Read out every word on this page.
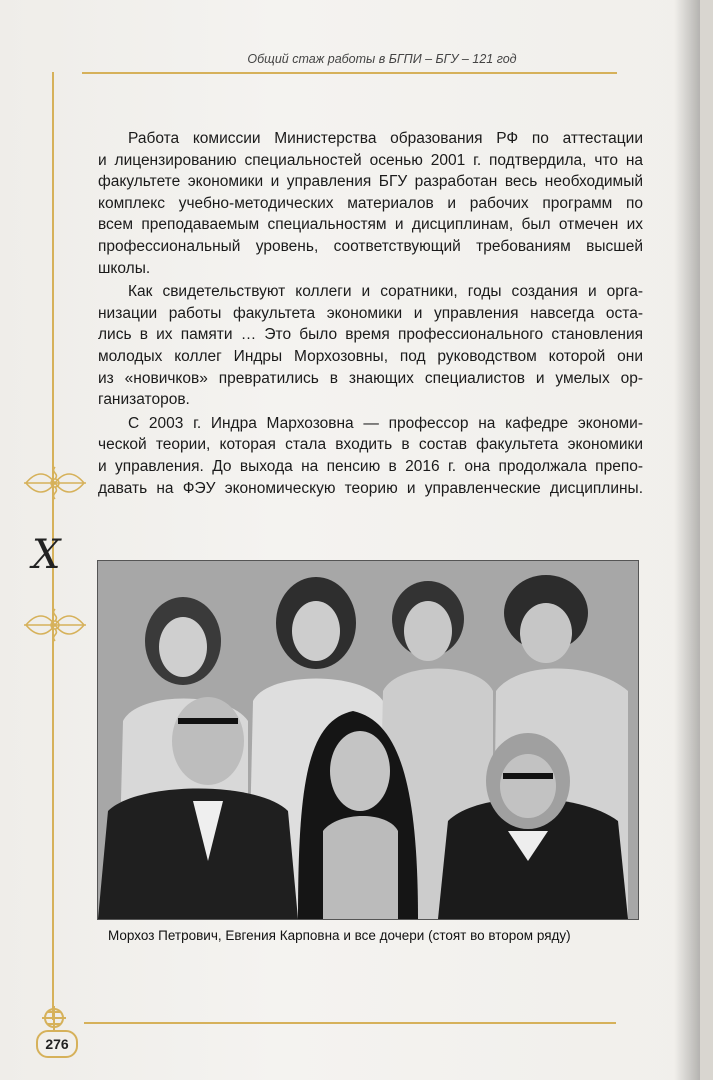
Общий стаж работы в БГПИ – БГУ – 121 год
Работа комиссии Министерства образования РФ по аттестации
и лицензированию специальностей осенью 2001 г. подтвердила, что на
факультете экономики и управления БГУ разработан весь необходимый
комплекс учебно-методических материалов и рабочих программ по
всем преподаваемым специальностям и дисциплинам, был отмечен их
профессиональный уровень, соответствующий требованиям высшей
школы.
Как свидетельствуют коллеги и соратники, годы создания и орга-
низации работы факультета экономики и управления навсегда оста-
лись в их памяти … Это было время профессионального становления
молодых коллег Индры Морхозовны, под руководством которой они
из «новичков» превратились в знающих специалистов и умелых ор-
ганизаторов.
С 2003 г. Индра Мархозовна — профессор на кафедре экономи-
ческой теории, которая стала входить в состав факультета экономики
и управления. До выхода на пенсию в 2016 г. она продолжала препо-
давать на ФЭУ экономическую теорию и управленческие дисциплины.
Х
Морхоз Петрович, Евгения Карповна и все дочери (стоят во втором ряду)
276
